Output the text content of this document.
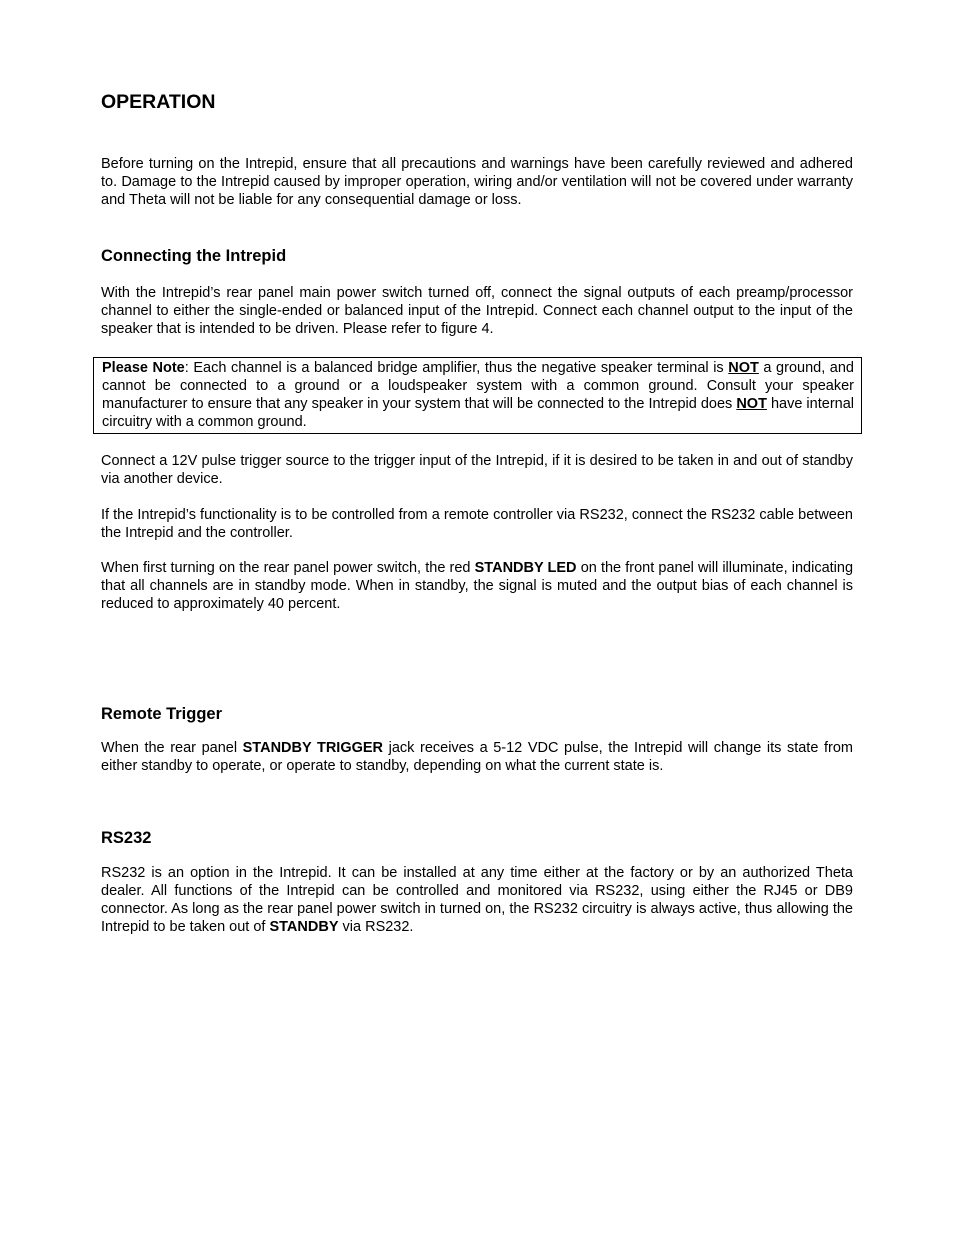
OPERATION

Before turning on the Intrepid, ensure that all precautions and warnings have been carefully reviewed and adhered to. Damage to the Intrepid caused by improper operation, wiring and/or ventilation will not be covered under warranty and Theta will not be liable for any consequential damage or loss.

Connecting the Intrepid

With the Intrepid’s rear panel main power switch turned off, connect the signal outputs of each preamp/processor channel to either the single-ended or balanced input of the Intrepid. Connect each channel output to the input of the speaker that is intended to be driven. Please refer to figure 4.

Please Note: Each channel is a balanced bridge amplifier, thus the negative speaker terminal is NOT a ground, and cannot be connected to a ground or a loudspeaker system with a common ground. Consult your speaker manufacturer to ensure that any speaker in your system that will be connected to the Intrepid does NOT have internal circuitry with a common ground.

Connect a 12V pulse trigger source to the trigger input of the Intrepid, if it is desired to be taken in and out of standby via another device.

If the Intrepid’s functionality is to be controlled from a remote controller via RS232, connect the RS232 cable between the Intrepid and the controller.

When first turning on the rear panel power switch, the red STANDBY LED on the front panel will illuminate, indicating that all channels are in standby mode. When in standby, the signal is muted and the output bias of each channel is reduced to approximately 40 percent.

Remote Trigger

When the rear panel STANDBY TRIGGER jack receives a 5-12 VDC pulse, the Intrepid will change its state from either standby to operate, or operate to standby, depending on what the current state is.

RS232

RS232 is an option in the Intrepid. It can be installed at any time either at the factory or by an authorized Theta dealer. All functions of the Intrepid can be controlled and monitored via RS232, using either the RJ45 or DB9 connector. As long as the rear panel power switch in turned on, the RS232 circuitry is always active, thus allowing the Intrepid to be taken out of STANDBY via RS232.
